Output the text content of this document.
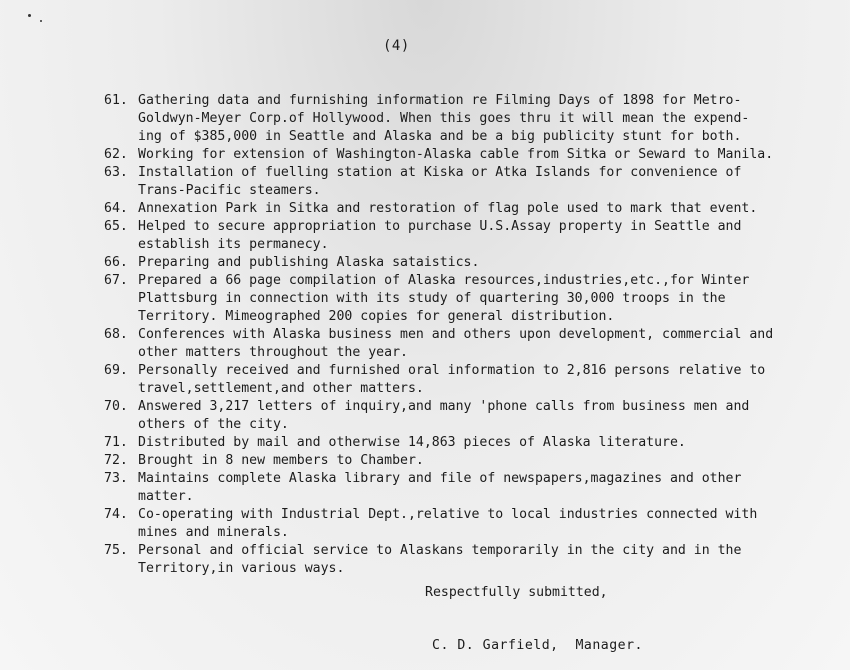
(4)
61. Gathering data and furnishing information re Filming Days of 1898 for Metro-
Goldwyn-Meyer Corp.of Hollywood. When this goes thru it will mean the expend-
ing of $385,000 in Seattle and Alaska and be a big publicity stunt for both.
62. Working for extension of Washington-Alaska cable from Sitka or Seward to Manila.
63. Installation of fuelling station at Kiska or Atka Islands for convenience of
Trans-Pacific steamers.
64. Annexation Park in Sitka and restoration of flag pole used to mark that event.
65. Helped to secure appropriation to purchase U.S.Assay property in Seattle and
establish its permanecy.
66. Preparing and publishing Alaska sataistics.
67. Prepared a 66 page compilation of Alaska resources,industries,etc.,for Winter
Plattsburg in connection with its study of quartering 30,000 troops in the
Territory. Mimeographed 200 copies for general distribution.
68. Conferences with Alaska business men and others upon development, commercial and
other matters throughout the year.
69. Personally received and furnished oral information to 2,816 persons relative to
travel,settlement,and other matters.
70. Answered 3,217 letters of inquiry,and many 'phone calls from business men and
others of the city.
71. Distributed by mail and otherwise 14,863 pieces of Alaska literature.
72. Brought in 8 new members to Chamber.
73. Maintains complete Alaska library and file of newspapers,magazines and other
matter.
74. Co-operating with Industrial Dept.,relative to local industries connected with
mines and minerals.
75. Personal and official service to Alaskans temporarily in the city and in the
Territory,in various ways.
Respectfully submitted,
C. D. Garfield,  Manager.
